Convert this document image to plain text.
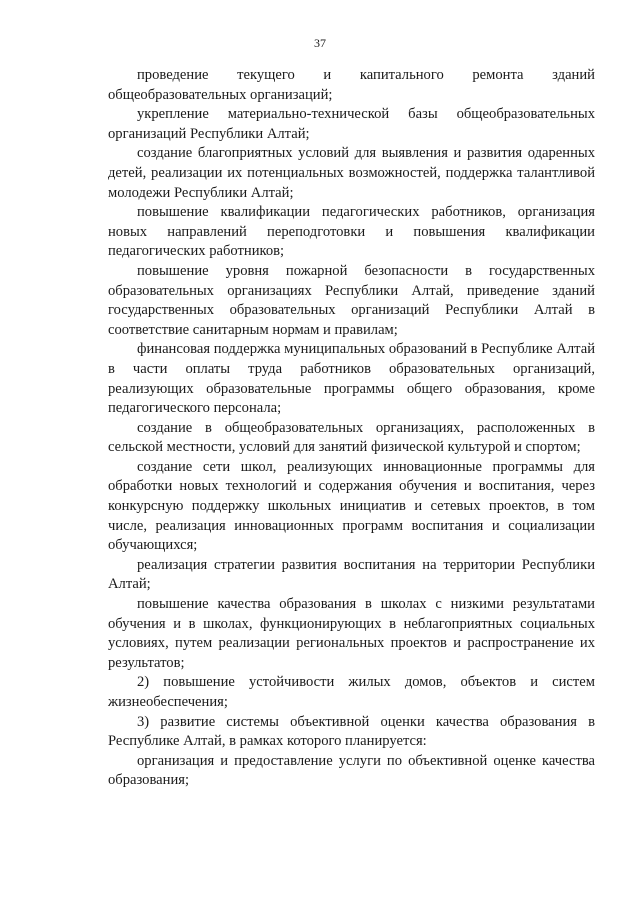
37

проведение текущего и капитального ремонта зданий общеобразовательных организаций;

укрепление материально-технической базы общеобразовательных организаций Республики Алтай;

создание благоприятных условий для выявления и развития одаренных детей, реализации их потенциальных возможностей, поддержка талантливой молодежи Республики Алтай;

повышение квалификации педагогических работников, организация новых направлений переподготовки и повышения квалификации педагогических работников;

повышение уровня пожарной безопасности в государственных образовательных организациях Республики Алтай, приведение зданий государственных образовательных организаций Республики Алтай в соответствие санитарным нормам и правилам;

финансовая поддержка муниципальных образований в Республике Алтай в части оплаты труда работников образовательных организаций, реализующих образовательные программы общего образования, кроме педагогического персонала;

создание в общеобразовательных организациях, расположенных в сельской местности, условий для занятий физической культурой и спортом;

создание сети школ, реализующих инновационные программы для обработки новых технологий и содержания обучения и воспитания, через конкурсную поддержку школьных инициатив и сетевых проектов, в том числе, реализация инновационных программ воспитания и социализации обучающихся;

реализация стратегии развития воспитания на территории Республики Алтай;

повышение качества образования в школах с низкими результатами обучения и в школах, функционирующих в неблагоприятных социальных условиях, путем реализации региональных проектов и распространение их результатов;

2) повышение устойчивости жилых домов, объектов и систем жизнеобеспечения;

3) развитие системы объективной оценки качества образования в Республике Алтай, в рамках которого планируется:

организация и предоставление услуги по объективной оценке качества образования;
